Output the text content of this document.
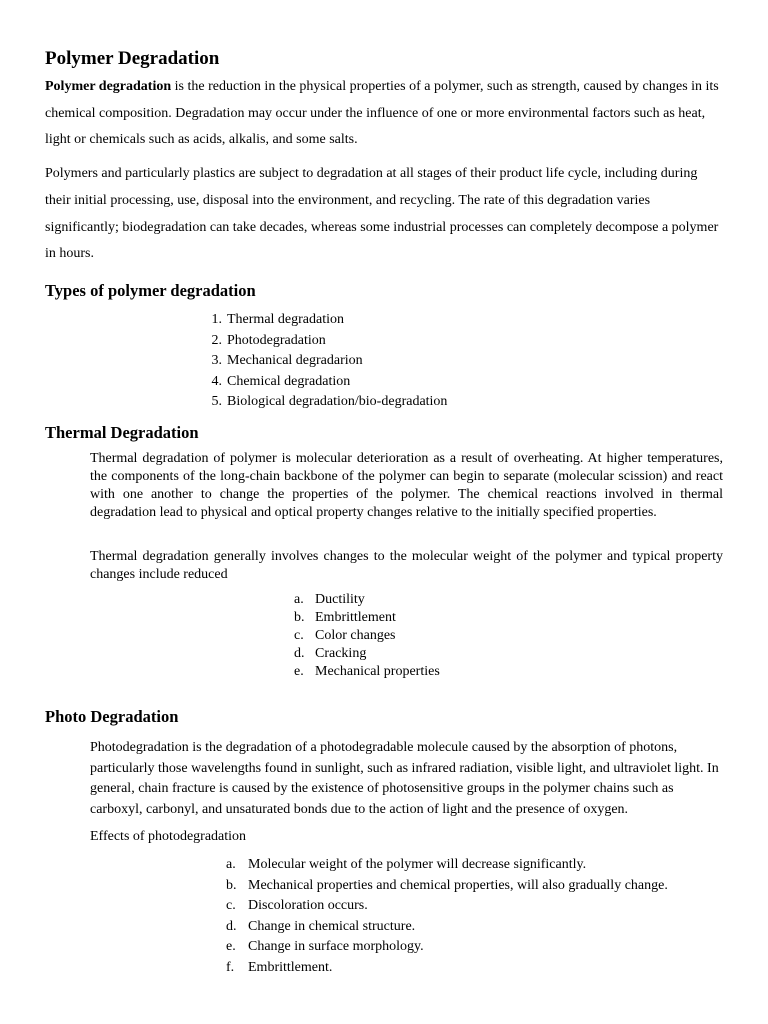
Polymer Degradation
Polymer degradation is the reduction in the physical properties of a polymer, such as strength, caused by changes in its chemical composition. Degradation may occur under the influence of one or more environmental factors such as heat, light or chemicals such as acids, alkalis, and some salts.
Polymers and particularly plastics are subject to degradation at all stages of their product life cycle, including during their initial processing, use, disposal into the environment, and recycling. The rate of this degradation varies significantly; biodegradation can take decades, whereas some industrial processes can completely decompose a polymer in hours.
Types of polymer degradation
1. Thermal degradation
2. Photodegradation
3. Mechanical degradarion
4. Chemical degradation
5. Biological degradation/bio-degradation
Thermal Degradation
Thermal degradation of polymer is molecular deterioration as a result of overheating. At higher temperatures, the components of the long-chain backbone of the polymer can begin to separate (molecular scission) and react with one another to change the properties of the polymer. The chemical reactions involved in thermal degradation lead to physical and optical property changes relative to the initially specified properties.
Thermal degradation generally involves changes to the molecular weight of the polymer and typical property changes include reduced
a. Ductility
b. Embrittlement
c. Color changes
d. Cracking
e. Mechanical properties
Photo Degradation
Photodegradation is the degradation of a photodegradable molecule caused by the absorption of photons, particularly those wavelengths found in sunlight, such as infrared radiation, visible light, and ultraviolet light. In general, chain fracture is caused by the existence of photosensitive groups in the polymer chains such as carboxyl, carbonyl, and unsaturated bonds due to the action of light and the presence of oxygen.
Effects of photodegradation
a. Molecular weight of the polymer will decrease significantly.
b. Mechanical properties and chemical properties, will also gradually change.
c. Discoloration occurs.
d. Change in chemical structure.
e. Change in surface morphology.
f. Embrittlement.
